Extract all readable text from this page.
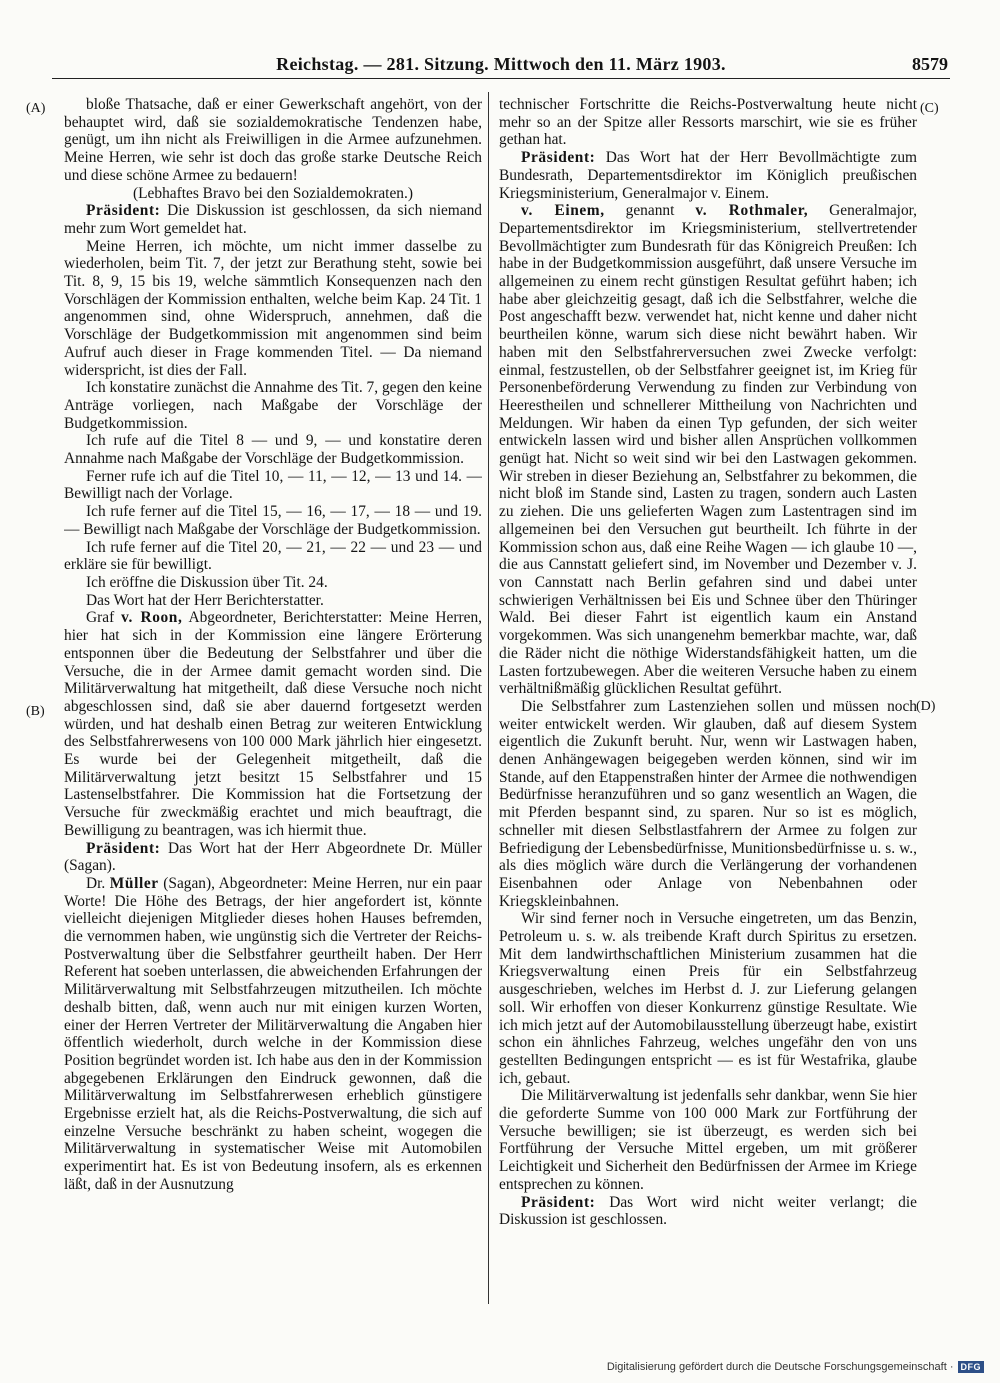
Reichstag. — 281. Sitzung. Mittwoch den 11. März 1903.	8579
(A)
(B)
(C)
(D)

bloße Thatsache, daß er einer Gewerkschaft angehört, von der behauptet wird, daß sie sozialdemokratische Tendenzen habe, genügt, um ihn nicht als Freiwilligen in die Armee aufzunehmen. Meine Herren, wie sehr ist doch das große starke Deutsche Reich und diese schöne Armee zu bedauern!

(Lebhaftes Bravo bei den Sozialdemokraten.)

Präsident: Die Diskussion ist geschlossen, da sich niemand mehr zum Wort gemeldet hat.

Meine Herren, ich möchte, um nicht immer dasselbe zu wiederholen, beim Tit. 7, der jetzt zur Berathung steht, sowie bei Tit. 8, 9, 15 bis 19, welche sämmtlich Konsequenzen nach den Vorschlägen der Kommission enthalten, welche beim Kap. 24 Tit. 1 angenommen sind, ohne Widerspruch, annehmen, daß die Vorschläge der Budgetkommission mit angenommen sind beim Aufruf auch dieser in Frage kommenden Titel. — Da niemand widerspricht, ist dies der Fall.

Ich konstatire zunächst die Annahme des Tit. 7, gegen den keine Anträge vorliegen, nach Maßgabe der Vorschläge der Budgetkommission.

Ich rufe auf die Titel 8 — und 9, — und konstatire deren Annahme nach Maßgabe der Vorschläge der Budgetkommission.

Ferner rufe ich auf die Titel 10, — 11, — 12, — 13 und 14. — Bewilligt nach der Vorlage.

Ich rufe ferner auf die Titel 15, — 16, — 17, — 18 — und 19. — Bewilligt nach Maßgabe der Vorschläge der Budgetkommission.

Ich rufe ferner auf die Titel 20, — 21, — 22 — und 23 — und erkläre sie für bewilligt.

Ich eröffne die Diskussion über Tit. 24.

Das Wort hat der Herr Berichterstatter.

Graf v. Roon, Abgeordneter, Berichterstatter: Meine Herren, hier hat sich in der Kommission eine längere Erörterung entsponnen über die Bedeutung der Selbstfahrer und über die Versuche, die in der Armee damit gemacht worden sind. Die Militärverwaltung hat mitgetheilt, daß diese Versuche noch nicht abgeschlossen sind, daß sie aber dauernd fortgesetzt werden würden, und hat deshalb einen Betrag zur weiteren Entwicklung des Selbstfahrerwesens von 100 000 Mark jährlich hier eingesetzt. Es wurde bei der Gelegenheit mitgetheilt, daß die Militärverwaltung jetzt besitzt 15 Selbstfahrer und 15 Lastenselbstfahrer. Die Kommission hat die Fortsetzung der Versuche für zweckmäßig erachtet und mich beauftragt, die Bewilligung zu beantragen, was ich hiermit thue.

Präsident: Das Wort hat der Herr Abgeordnete Dr. Müller (Sagan).

Dr. Müller (Sagan), Abgeordneter: Meine Herren, nur ein paar Worte! Die Höhe des Betrags, der hier angefordert ist, könnte vielleicht diejenigen Mitglieder dieses hohen Hauses befremden, die vernommen haben, wie ungünstig sich die Vertreter der Reichs-Postverwaltung über die Selbstfahrer geurtheilt haben. Der Herr Referent hat soeben unterlassen, die abweichenden Erfahrungen der Militärverwaltung mit Selbstfahrzeugen mitzutheilen. Ich möchte deshalb bitten, daß, wenn auch nur mit einigen kurzen Worten, einer der Herren Vertreter der Militärverwaltung die Angaben hier öffentlich wiederholt, durch welche in der Kommission diese Position begründet worden ist. Ich habe aus den in der Kommission abgegebenen Erklärungen den Eindruck gewonnen, daß die Militärverwaltung im Selbstfahrerwesen erheblich günstigere Ergebnisse erzielt hat, als die Reichs-Postverwaltung, die sich auf einzelne Versuche beschränkt zu haben scheint, wogegen die Militärverwaltung in systematischer Weise mit Automobilen experimentirt hat. Es ist von Bedeutung insofern, als es erkennen läßt, daß in der Ausnutzung

technischer Fortschritte die Reichs-Postverwaltung heute nicht mehr so an der Spitze aller Ressorts marschirt, wie sie es früher gethan hat.

Präsident: Das Wort hat der Herr Bevollmächtigte zum Bundesrath, Departementsdirektor im Königlich preußischen Kriegsministerium, Generalmajor v. Einem.

v. Einem, genannt v. Rothmaler, Generalmajor, Departementsdirektor im Kriegsministerium, stellvertretender Bevollmächtigter zum Bundesrath für das Königreich Preußen: Ich habe in der Budgetkommission ausgeführt, daß unsere Versuche im allgemeinen zu einem recht günstigen Resultat geführt haben; ich habe aber gleichzeitig gesagt, daß ich die Selbstfahrer, welche die Post angeschafft bezw. verwendet hat, nicht kenne und daher nicht beurtheilen könne, warum sich diese nicht bewährt haben. Wir haben mit den Selbstfahrerversuchen zwei Zwecke verfolgt: einmal, festzustellen, ob der Selbstfahrer geeignet ist, im Krieg für Personenbeförderung Verwendung zu finden zur Verbindung von Heerestheilen und schnellerer Mittheilung von Nachrichten und Meldungen. Wir haben da einen Typ gefunden, der sich weiter entwickeln lassen wird und bisher allen Ansprüchen vollkommen genügt hat. Nicht so weit sind wir bei den Lastwagen gekommen. Wir streben in dieser Beziehung an, Selbstfahrer zu bekommen, die nicht bloß im Stande sind, Lasten zu tragen, sondern auch Lasten zu ziehen. Die uns gelieferten Wagen zum Lastentragen sind im allgemeinen bei den Versuchen gut beurtheilt. Ich führte in der Kommission schon aus, daß eine Reihe Wagen — ich glaube 10 —, die aus Cannstatt geliefert sind, im November und Dezember v. J. von Cannstatt nach Berlin gefahren sind und dabei unter schwierigen Verhältnissen bei Eis und Schnee über den Thüringer Wald. Bei dieser Fahrt ist eigentlich kaum ein Anstand vorgekommen. Was sich unangenehm bemerkbar machte, war, daß die Räder nicht die nöthige Widerstandsfähigkeit hatten, um die Lasten fortzubewegen. Aber die weiteren Versuche haben zu einem verhältnißmäßig glücklichen Resultat geführt.

Die Selbstfahrer zum Lastenziehen sollen und müssen noch weiter entwickelt werden. Wir glauben, daß auf diesem System eigentlich die Zukunft beruht. Nur, wenn wir Lastwagen haben, denen Anhängewagen beigegeben werden können, sind wir im Stande, auf den Etappenstraßen hinter der Armee die nothwendigen Bedürfnisse heranzuführen und so ganz wesentlich an Wagen, die mit Pferden bespannt sind, zu sparen. Nur so ist es möglich, schneller mit diesen Selbstlastfahrern der Armee zu folgen zur Befriedigung der Lebensbedürfnisse, Munitionsbedürfnisse u. s. w., als dies möglich wäre durch die Verlängerung der vorhandenen Eisenbahnen oder Anlage von Nebenbahnen oder Kriegskleinbahnen.

Wir sind ferner noch in Versuche eingetreten, um das Benzin, Petroleum u. s. w. als treibende Kraft durch Spiritus zu ersetzen. Mit dem landwirthschaftlichen Ministerium zusammen hat die Kriegsverwaltung einen Preis für ein Selbstfahrzeug ausgeschrieben, welches im Herbst d. J. zur Lieferung gelangen soll. Wir erhoffen von dieser Konkurrenz günstige Resultate. Wie ich mich jetzt auf der Automobilausstellung überzeugt habe, existirt schon ein ähnliches Fahrzeug, welches ungefähr den von uns gestellten Bedingungen entspricht — es ist für Westafrika, glaube ich, gebaut.

Die Militärverwaltung ist jedenfalls sehr dankbar, wenn Sie hier die geforderte Summe von 100 000 Mark zur Fortführung der Versuche bewilligen; sie ist überzeugt, es werden sich bei Fortführung der Versuche Mittel ergeben, um mit größerer Leichtigkeit und Sicherheit den Bedürfnissen der Armee im Kriege entsprechen zu können.

Präsident: Das Wort wird nicht weiter verlangt; die Diskussion ist geschlossen.

Digitalisierung gefördert durch die Deutsche Forschungsgemeinschaft · DFG
